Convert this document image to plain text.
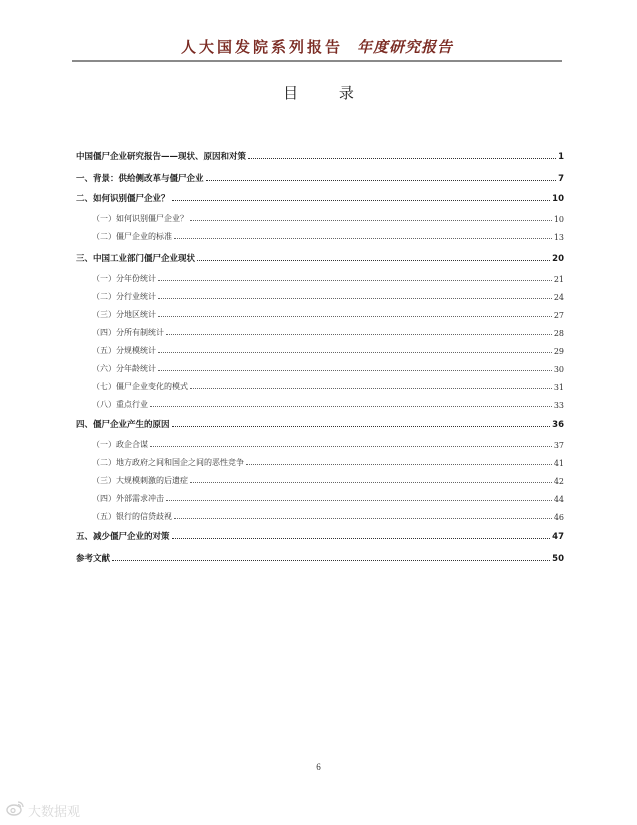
人大国发院系列报告 年度研究报告
目 录
中国僵尸企业研究报告——现状、原因和对策	1
一、背景：供给侧改革与僵尸企业	7
二、如何识别僵尸企业？	10
（一）如何识别僵尸企业？	10
（二）僵尸企业的标准	13
三、中国工业部门僵尸企业现状	20
（一）分年份统计	21
（二）分行业统计	24
（三）分地区统计	27
（四）分所有制统计	28
（五）分规模统计	29
（六）分年龄统计	30
（七）僵尸企业变化的模式	31
（八）重点行业	33
四、僵尸企业产生的原因	36
（一）政企合谋	37
（二）地方政府之间和国企之间的恶性竞争	41
（三）大规模刺激的后遗症	42
（四）外部需求冲击	44
（五）银行的信贷歧视	46
五、减少僵尸企业的对策	47
参考文献	50
6
大数据观
